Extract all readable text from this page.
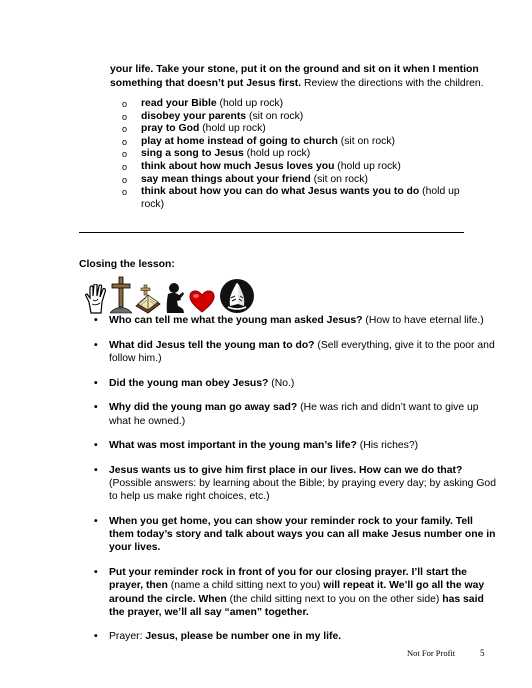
your life. Take your stone, put it on the ground and sit on it when I mention something that doesn’t put Jesus first. Review the directions with the children.
o read your Bible (hold up rock)
o disobey your parents (sit on rock)
o pray to God (hold up rock)
o play at home instead of going to church (sit on rock)
o sing a song to Jesus (hold up rock)
o think about how much Jesus loves you (hold up rock)
o say mean things about your friend (sit on rock)
o think about how you can do what Jesus wants you to do (hold up rock)
Closing the lesson:
• Who can tell me what the young man asked Jesus? (How to have eternal life.)
• What did Jesus tell the young man to do? (Sell everything, give it to the poor and follow him.)
• Did the young man obey Jesus? (No.)
• Why did the young man go away sad? (He was rich and didn’t want to give up what he owned.)
• What was most important in the young man’s life? (His riches?)
• Jesus wants us to give him first place in our lives. How can we do that? (Possible answers: by learning about the Bible; by praying every day; by asking God to help us make right choices, etc.)
• When you get home, you can show your reminder rock to your family. Tell them today’s story and talk about ways you can all make Jesus number one in your lives.
• Put your reminder rock in front of you for our closing prayer. I’ll start the prayer, then (name a child sitting next to you) will repeat it. We’ll go all the way around the circle. When (the child sitting next to you on the other side) has said the prayer, we’ll all say “amen” together.
• Prayer: Jesus, please be number one in my life.
Not For Profit	5
